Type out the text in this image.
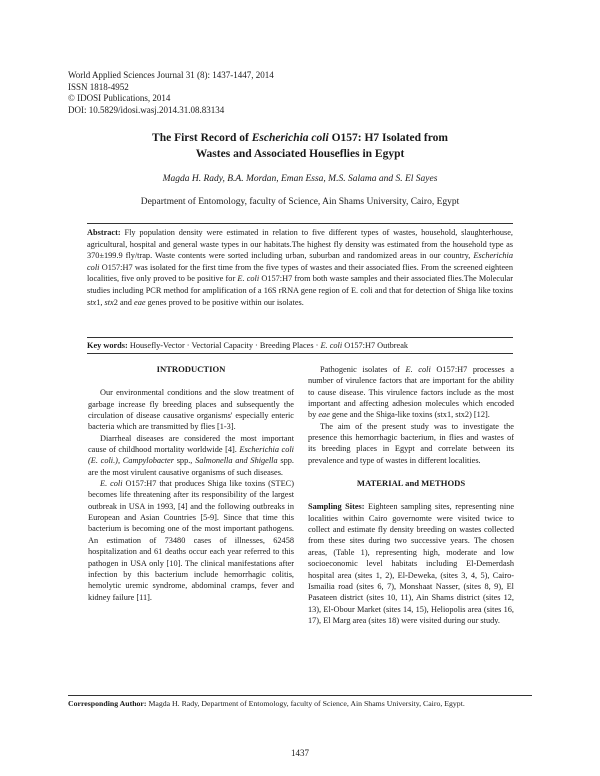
World Applied Sciences Journal 31 (8): 1437-1447, 2014
ISSN 1818-4952
© IDOSI Publications, 2014
DOI: 10.5829/idosi.wasj.2014.31.08.83134
The First Record of Escherichia coli O157: H7 Isolated from
Wastes and Associated Houseflies in Egypt
Magda H. Rady, B.A. Mordan, Eman Essa, M.S. Salama and S. El Sayes
Department of Entomology, faculty of Science, Ain Shams University, Cairo, Egypt
Abstract: Fly population density were estimated in relation to five different types of wastes, household, slaughterhouse, agricultural, hospital and general waste types in our habitats.The highest fly density was estimated from the household type as 370±199.9 fly/trap. Waste contents were sorted including urban, suburban and randomized areas in our country, Escherichia coli O157:H7 was isolated for the first time from the five types of wastes and their associated flies. From the screened eighteen localities, five only proved to be positive for E. coli O157:H7 from both waste samples and their associated flies.The Molecular studies including PCR method for amplification of a 16S rRNA gene region of E. coli and that for detection of Shiga like toxins stx1, stx2 and eae genes proved to be positive within our isolates.
Key words: Housefly-Vector · Vectorial Capacity · Breeding Places · E. coli O157:H7 Outbreak
INTRODUCTION

Our environmental conditions and the slow treatment of garbage increase fly breeding places and subsequently the circulation of disease causative organisms' especially enteric bacteria which are transmitted by flies [1-3].

Diarrheal diseases are considered the most important cause of childhood mortality worldwide [4]. Escherichia coli (E. coli.), Campylobacter spp., Salmonella and Shigella spp. are the most virulent causative organisms of such diseases.

E. coli O157:H7 that produces Shiga like toxins (STEC) becomes life threatening after its responsibility of the largest outbreak in USA in 1993, [4] and the following outbreaks in European and Asian Countries [5-9]. Since that time this bacterium is becoming one of the most important pathogens. An estimation of 73480 cases of illnesses, 62458 hospitalization and 61 deaths occur each year referred to this pathogen in USA only [10]. The clinical manifestations after infection by this bacterium include hemorrhagic colitis, hemolytic uremic syndrome, abdominal cramps, fever and kidney failure [11].

Pathogenic isolates of E. coli O157:H7 processes a number of virulence factors that are important for the ability to cause disease. This virulence factors include as the most important and affecting adhesion molecules which encoded by eae gene and the Shiga-like toxins (stx1, stx2) [12].

The aim of the present study was to investigate the presence this hemorrhagic bacterium, in flies and wastes of its breeding places in Egypt and correlate between its prevalence and type of wastes in different localities.

MATERIAL and METHODS

Sampling Sites: Eighteen sampling sites, representing nine localities within Cairo governomte were visited twice to collect and estimate fly density breeding on wastes collected from these sites during two successive years. The chosen areas, (Table 1), representing high, moderate and low socioeconomic level habitats including El-Demerdash hospital area (sites 1, 2), El-Deweka, (sites 3, 4, 5), Cairo-Ismailia road (sites 6, 7), Monshaat Nasser, (sites 8, 9), El Pasateen district (sites 10, 11), Ain Shams district (sites 12, 13), El-Obour Market (sites 14, 15), Heliopolis area (sites 16, 17), El Marg area (sites 18) were visited during our study.

Corresponding Author: Magda H. Rady, Department of Entomology, faculty of Science, Ain Shams University, Cairo, Egypt.
1437
